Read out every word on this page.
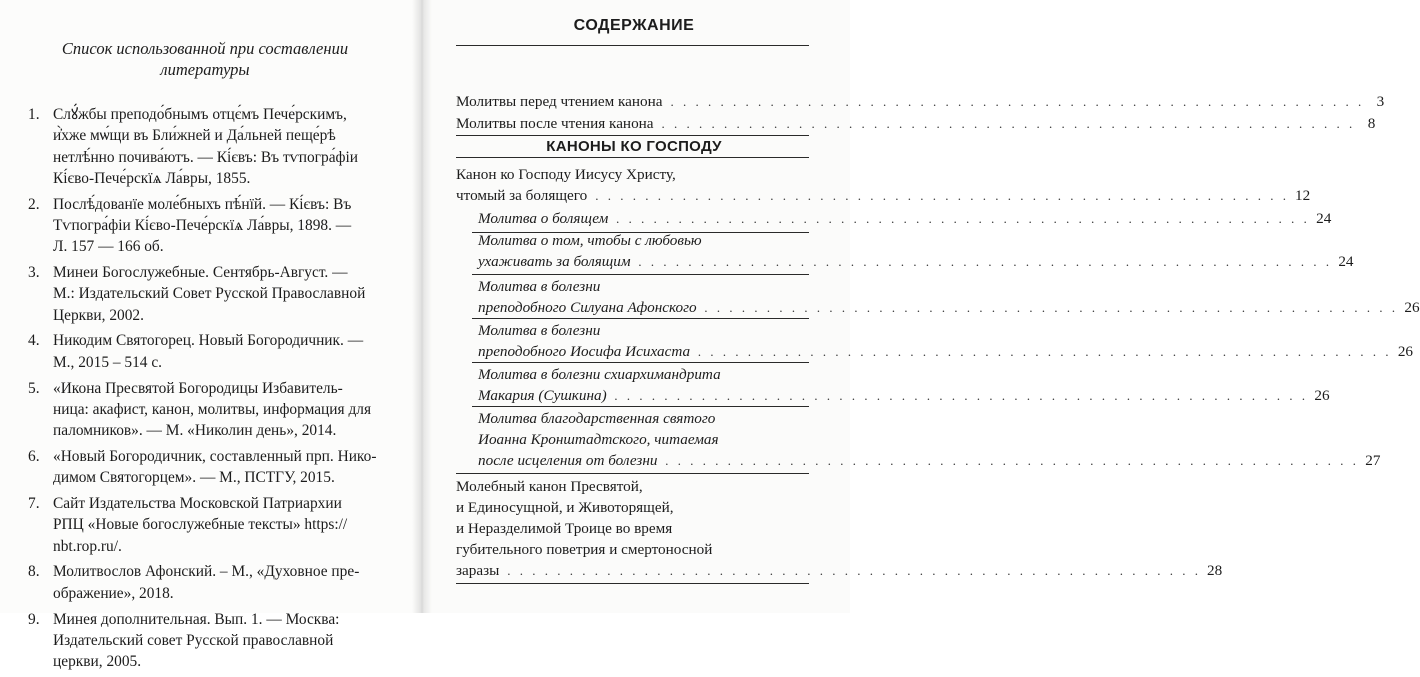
Список использованной при составлении
литературы
1. Слꙋ́жбы преподо́бнымъ отцє́мъ Пече́рскимъ,
и҆̀хже мѡ́щи въ Бли́жней и Да́льней пеще́рѣ
нетлѣ́нно почива́ютъ. — Кі́євъ: Въ тѵпогра́фіи
Кі́єво-Пече́рскїѧ Ла́вры, 1855.
2. Послѣ́дованїе моле́бныхъ пѣ́нїй. — Кі́євъ: Въ
Тѵпогра́фіи Кі́єво-Пече́рскїѧ Ла́вры, 1898. —
Л. 157 — 166 об.
3. Минеи Богослужебные. Сентябрь-Август. —
М.: Издательский Совет Русской Православной
Церкви, 2002.
4. Никодим Святогорец. Новый Богородичник. —
М., 2015 – 514 с.
5. «Икона Пресвятой Богородицы Избавитель-
ница: акафист, канон, молитвы, информация для
паломников». — М. «Николин день», 2014.
6. «Новый Богородичник, составленный прп. Нико-
димом Святогорцем». — М., ПСТГУ, 2015.
7. Сайт Издательства Московской Патриархии
РПЦ «Новые богослужебные тексты» https://
nbt.rop.ru/.
8. Молитвослов Афонский. – М., «Духовное пре-
ображение», 2018.
9. Минея дополнительная. Вып. 1. — Москва:
Издательский совет Русской православной
церкви, 2005.
СОДЕРЖАНИЕ
Молитвы перед чтением канона . . .	3
Молитвы после чтения канона . . .	8
КАНОНЫ КО ГОСПОДУ
Канон ко Господу Иисусу Христу,
чтомый за болящего . . .	12
Молитва о болящем . . .	24
Молитва о том, чтобы с любовью
ухаживать за болящим . . .	24
Молитва в болезни
преподобного Силуана Афонского . . .	26
Молитва в болезни
преподобного Иосифа Исихаста . . .	26
Молитва в болезни схиархимандрита
Макария (Сушкина) . . .	26
Молитва благодарственная святого
Иоанна Кронштадтского, читаемая
после исцеления от болезни . . .	27
Молебный канон Пресвятой,
и Единосущной, и Животорящей,
и Неразделимой Троице во время
губительного поветрия и смертоносной
заразы . . .	28
